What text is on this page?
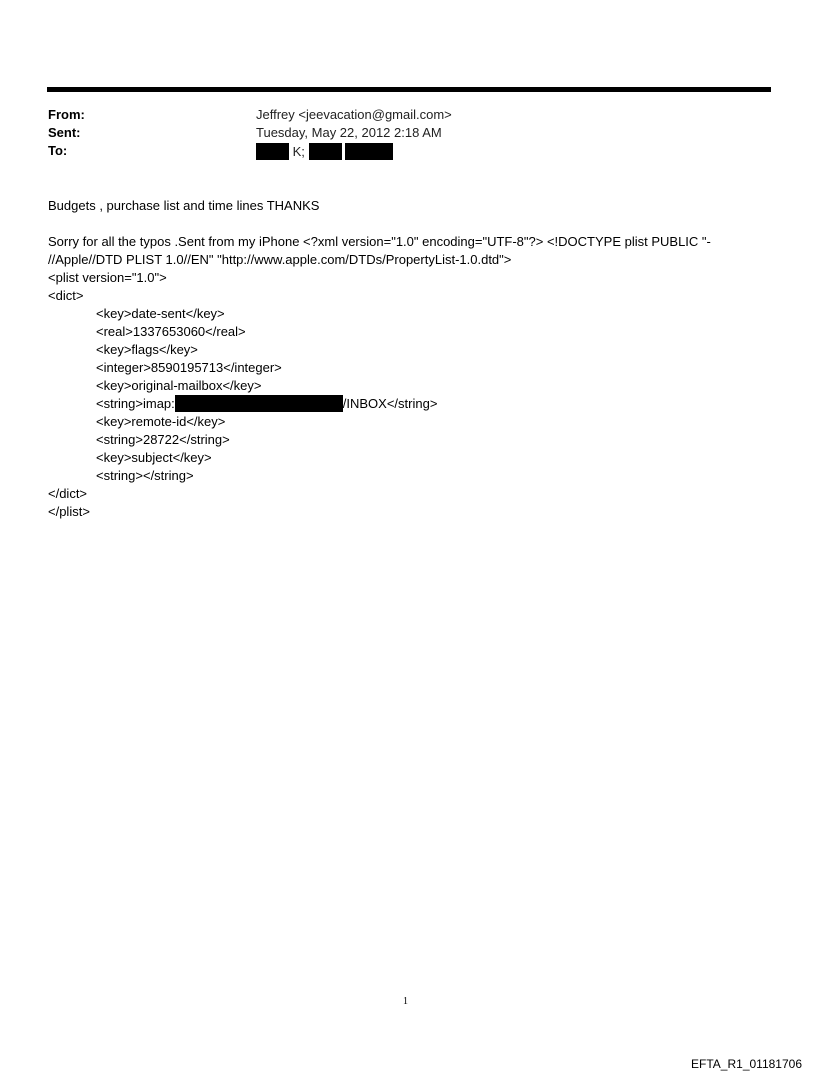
From:	Jeffrey <jeevacation@gmail.com>
Sent:	Tuesday, May 22, 2012 2:18 AM
To:	K;
Budgets , purchase list and time lines THANKS
Sorry for all the typos .Sent from my iPhone <?xml version="1.0" encoding="UTF-8"?> <!DOCTYPE plist PUBLIC "-
//Apple//DTD PLIST 1.0//EN" "http://www.apple.com/DTDs/PropertyList-1.0.dtd">
<plist version="1.0">
<dict>
<key>date-sent</key>
<real>1337653060</real>
<key>flags</key>
<integer>8590195713</integer>
<key>original-mailbox</key>
<string>imap:	/INBOX</string>
<key>remote-id</key>
<string>28722</string>
<key>subject</key>
<string></string>
</dict>
</plist>
1
EFTA_R1_01181706
